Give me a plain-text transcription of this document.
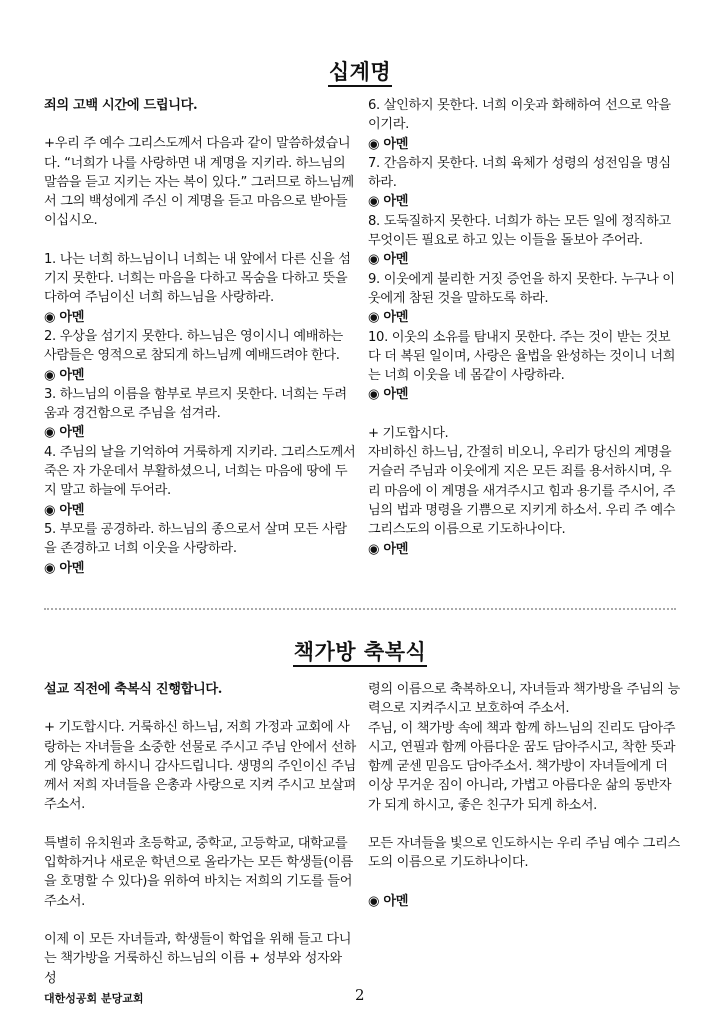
십계명

죄의 고백 시간에 드립니다.

+우리 주 예수 그리스도께서 다음과 같이 말씀하셨습니다. “너희가 나를 사랑하면 내 계명을 지키라. 하느님의 말씀을 듣고 지키는 자는 복이 있다.” 그러므로 하느님께서 그의 백성에게 주신 이 계명을 듣고 마음으로 받아들이십시오.

1. 나는 너희 하느님이니 너희는 내 앞에서 다른 신을 섬기지 못한다. 너희는 마음을 다하고 목숨을 다하고 뜻을 다하여 주님이신 너희 하느님을 사랑하라.

◉ 아멘

2. 우상을 섬기지 못한다. 하느님은 영이시니 예배하는 사람들은 영적으로 참되게 하느님께 예배드려야 한다.

◉ 아멘

3. 하느님의 이름을 함부로 부르지 못한다. 너희는 두려움과 경건함으로 주님을 섬겨라.

◉ 아멘

4. 주님의 날을 기억하여 거룩하게 지키라. 그리스도께서 죽은 자 가운데서 부활하셨으니, 너희는 마음에 땅에 두지 말고 하늘에 두어라.

◉ 아멘

5. 부모를 공경하라. 하느님의 종으로서 살며 모든 사람을 존경하고 너희 이웃을 사랑하라.

◉ 아멘

6. 살인하지 못한다. 너희 이웃과 화해하여 선으로 악을 이기라.

◉ 아멘

7. 간음하지 못한다. 너희 육체가 성령의 성전임을 명심하라.

◉ 아멘

8. 도둑질하지 못한다. 너희가 하는 모든 일에 정직하고 무엇이든 필요로 하고 있는 이들을 돌보아 주어라.

◉ 아멘

9. 이웃에게 불리한 거짓 증언을 하지 못한다. 누구나 이웃에게 참된 것을 말하도록 하라.

◉ 아멘

10. 이웃의 소유를 탐내지 못한다. 주는 것이 받는 것보다 더 복된 일이며, 사랑은 율법을 완성하는 것이니 너희는 너희 이웃을 네 몸같이 사랑하라.

◉ 아멘

+ 기도합시다.

자비하신 하느님, 간절히 비오니, 우리가 당신의 계명을 거슬러 주님과 이웃에게 지은 모든 죄를 용서하시며, 우리 마음에 이 계명을 새겨주시고 힘과 용기를 주시어, 주님의 법과 명령을 기쁨으로 지키게 하소서. 우리 주 예수 그리스도의 이름으로 기도하나이다.

◉ 아멘

책가방 축복식

설교 직전에 축복식 진행합니다.

+ 기도합시다. 거룩하신 하느님, 저희 가정과 교회에 사랑하는 자녀들을 소중한 선물로 주시고 주님 안에서 선하게 양육하게 하시니 감사드립니다. 생명의 주인이신 주님께서 저희 자녀들을 은총과 사랑으로 지켜 주시고 보살펴 주소서.

특별히 유치원과 초등학교, 중학교, 고등학교, 대학교를 입학하거나 새로운 학년으로 올라가는 모든 학생들(이름을 호명할 수 있다)을 위하여 바치는 저희의 기도를 들어 주소서.

이제 이 모든 자녀들과, 학생들이 학업을 위해 들고 다니는 책가방을 거룩하신 하느님의 이름 + 성부와 성자와 성

령의 이름으로 축복하오니, 자녀들과 책가방을 주님의 능력으로 지켜주시고 보호하여 주소서.

주님, 이 책가방 속에 책과 함께 하느님의 진리도 담아주시고, 연필과 함께 아름다운 꿈도 담아주시고, 착한 뜻과 함께 굳센 믿음도 담아주소서. 책가방이 자녀들에게 더 이상 무거운 짐이 아니라, 가볍고 아름다운 삶의 동반자가 되게 하시고, 좋은 친구가 되게 하소서.

모든 자녀들을 빛으로 인도하시는 우리 주님 예수 그리스도의 이름으로 기도하나이다.

◉ 아멘

대한성공회 분당교회	2
